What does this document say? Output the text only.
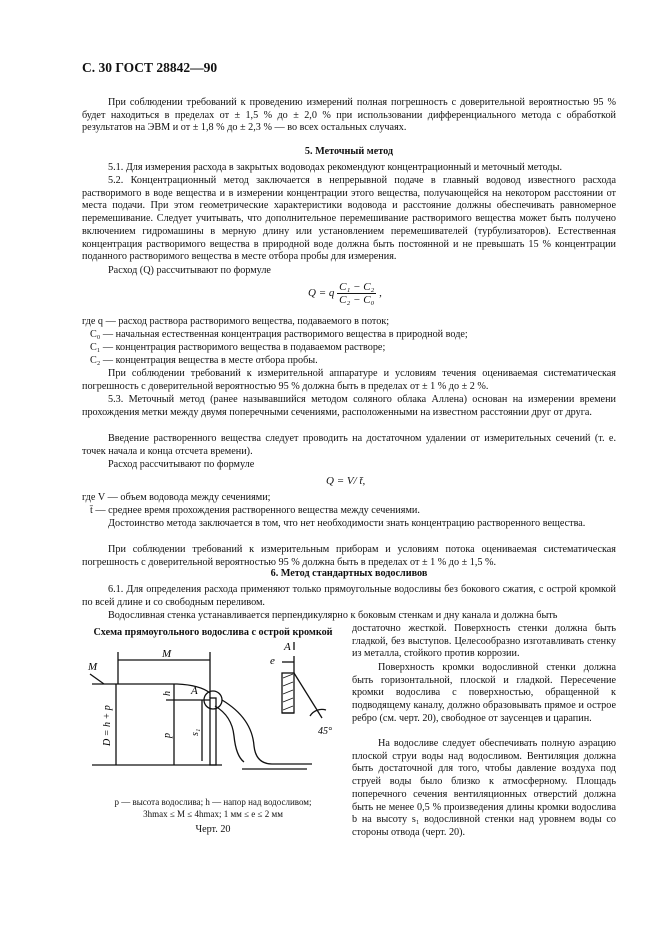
С. 30 ГОСТ 28842—90
При соблюдении требований к проведению измерений полная погрешность с доверительной вероятностью 95 % будет находиться в пределах от ± 1,5 % до ± 2,0 % при использовании дифференциального метода с обработкой результатов на ЭВМ и от ± 1,8 % до ± 2,3 % — во всех остальных случаях.
5. Меточный метод
5.1. Для измерения расхода в закрытых водоводах рекомендуют концентрационный и меточный методы.
5.2. Концентрационный метод заключается в непрерывной подаче в главный водовод известного расхода растворимого в воде вещества и в измерении концентрации этого вещества, получающейся на некотором расстоянии от места подачи. При этом геометрические характеристики водовода и расстояние должны обеспечивать равномерное перемешивание. Следует учитывать, что дополнительное перемешивание растворимого вещества может быть получено включением гидромашины в мерную длину или установлением перемешивателей (турбулизаторов). Естественная концентрация растворимого вещества в природной воде должна быть постоянной и не превышать 15 % концентрации поданного растворимого вещества в месте отбора пробы для измерения.
Расход (Q) рассчитывают по формуле
Q = q $\frac{\text{C₁ − C₂}}{\text{C₂ − C₀}}$ ,
где q — расход раствора растворимого вещества, подаваемого в поток;
C₀ — начальная естественная концентрация растворимого вещества в природной воде;
C₁ — концентрация растворимого вещества в подаваемом растворе;
C₂ — концентрация вещества в месте отбора пробы.
При соблюдении требований к измерительной аппаратуре и условиям течения оцениваемая систематическая погрешность с доверительной вероятностью 95 % должна быть в пределах от ± 1 % до ± 2 %.
5.3. Меточный метод (ранее называвшийся методом соляного облака Аллена) основан на измерении времени прохождения метки между двумя поперечными сечениями, расположенными на известном расстоянии друг от друга.
Введение растворенного вещества следует проводить на достаточном удалении от измерительных сечений (т. е. точек начала и конца отсчета времени).
Расход рассчитывают по формуле
Q = V/ t̄,
где V — объем водовода между сечениями;
t̄ — среднее время прохождения растворенного вещества между сечениями.
Достоинство метода заключается в том, что нет необходимости знать концентрацию растворенного вещества.
При соблюдении требований к измерительным приборам и условиям потока оцениваемая систематическая погрешность с доверительной вероятностью 95 % должна быть в пределах от ± 1 % до ± 1,5 %.
6. Метод стандартных водосливов
6.1. Для определения расхода применяют только прямоугольные водосливы без бокового сжатия, с острой кромкой по всей длине и со свободным переливом.
Водосливная стенка устанавливается перпендикулярно к боковым стенкам и дну канала и должна быть
достаточно жесткой. Поверхность стенки должна быть гладкой, без выступов. Целесообразно изготавливать стенку из металла, стойкого против коррозии.
Поверхность кромки водосливной стенки должна быть горизонтальной, плоской и гладкой. Пересечение кромки водослива с поверхностью, обращенной к подводящему каналу, должно образовывать прямое и острое ребро (см. черт. 20), свободное от заусенцев и царапин.
На водосливе следует обеспечивать полную аэрацию плоской струи воды над водосливом. Вентиляция должна быть достаточной для того, чтобы давление воздуха под струей воды было близко к атмосферному. Площадь поперечного сечения вентиляционных отверстий должна быть не менее 0,5 % произведения длины кромки водослива b на высоту s₁ водосливной стенки над уровнем воды со стороны отвода (черт. 20).
Схема прямоугольного водослива с острой кромкой
M
M
A
A
e
45°
D = h + p
h
p s₁
p — высота водослива; h — напор над водосливом;
3hmax ≤ M ≤ 4hmax; 1 мм ≤ e ≤ 2 мм
Черт. 20
